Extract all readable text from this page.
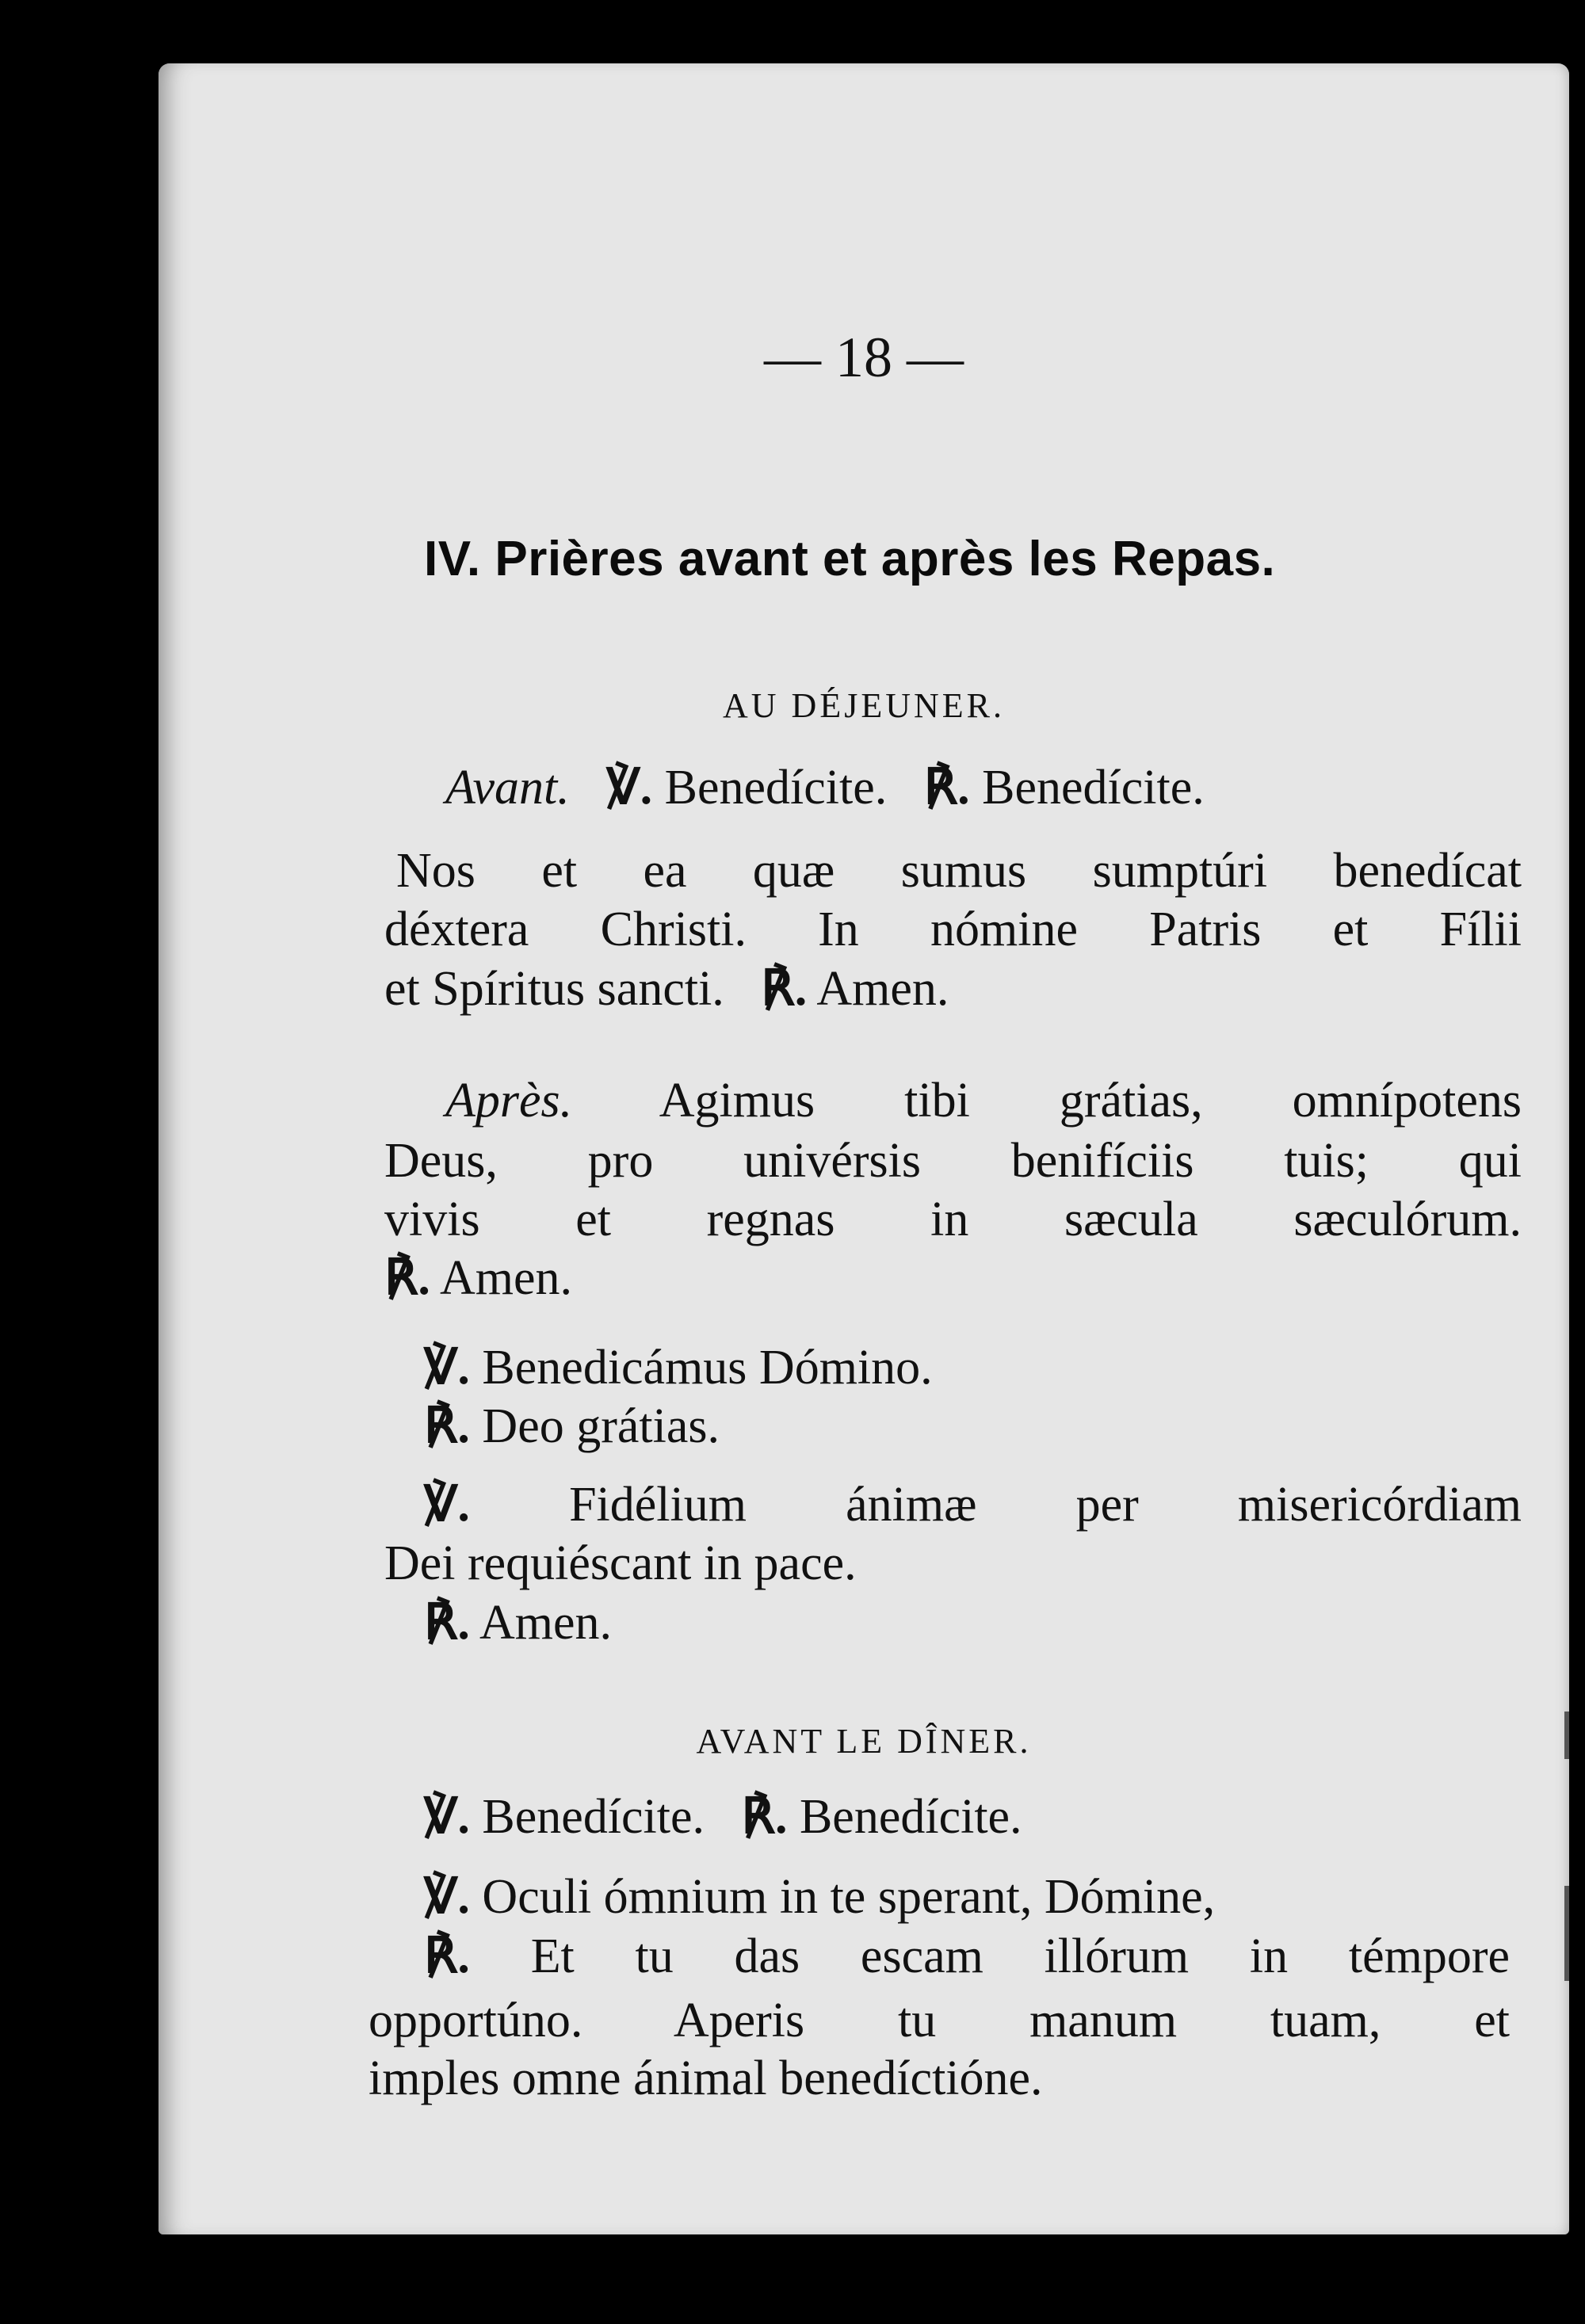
— 18 —
IV. Prières avant et après les Repas.
AU DÉJEUNER.
Avant. ℣. Benedícite. ℟. Benedícite.
Nos et ea quæ sumus sumptúri benedícat
déxtera Christi. In nómine Patris et Fílii
et Spíritus sancti. ℟. Amen.
Après. Agimus tibi grátias, omnípotens
Deus, pro univérsis benifíciis tuis; qui
vivis et regnas in sæcula sæculórum.
℟. Amen.
℣. Benedicámus Dómino.
℟. Deo grátias.
℣. Fidélium ánimæ per misericórdiam
Dei requiéscant in pace.
℟. Amen.
AVANT LE DÎNER.
℣. Benedícite. ℟. Benedícite.
℣. Oculi ómnium in te sperant, Dómine,
℟. Et tu das escam illórum in témpore
opportúno. Aperis tu manum tuam, et
imples omne ánimal benedíctióne.
